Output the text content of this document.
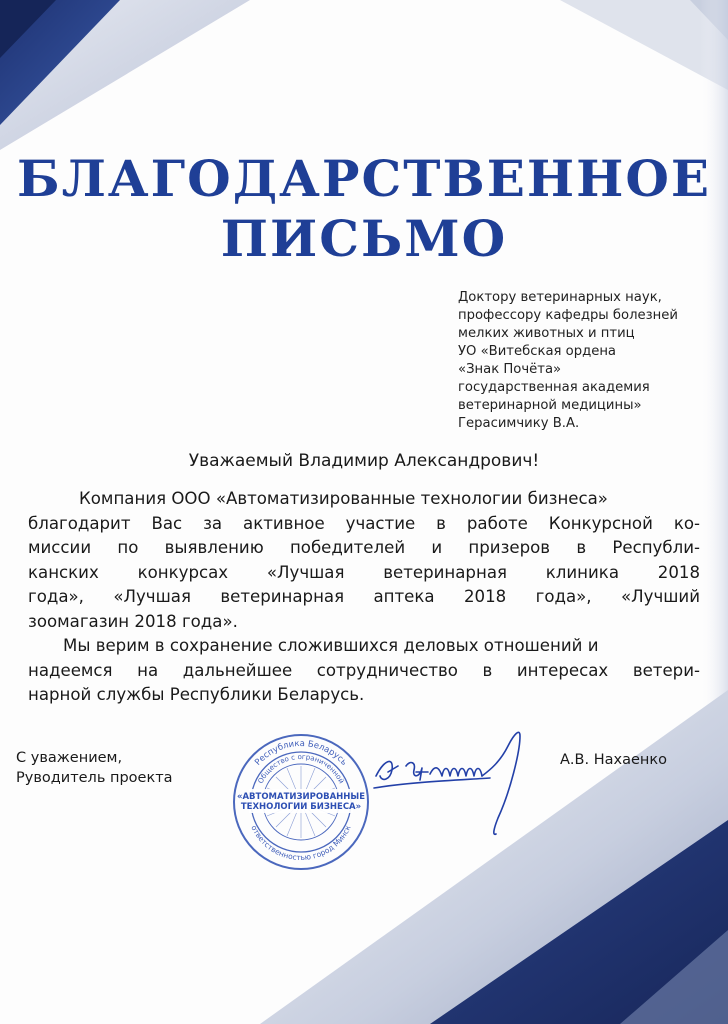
БЛАГОДАРСТВЕННОЕ
ПИСЬМО
Доктору ветеринарных наук,
профессору кафедры болезней
мелких животных и птиц
УО «Витебская ордена
«Знак Почёта»
государственная академия
ветеринарной медицины»
Герасимчику В.А.
Уважаемый Владимир Александрович!
Компания ООО «Автоматизированные технологии бизнеса»
благодарит Вас за активное участие в работе Конкурсной ко-
миссии по выявлению победителей и призеров в Республи-
канских конкурсах «Лучшая ветеринарная клиника 2018
года», «Лучшая ветеринарная аптека 2018 года», «Лучший
зоомагазин 2018 года».
Мы верим в сохранение сложившихся деловых отношений и
надеемся на дальнейшее сотрудничество в интересах ветери-
нарной службы Республики Беларусь.
С уважением,
Руводитель проекта
Республика Беларусь
ответственностью город Минск
Общество с ограниченной
«АВТОМАТИЗИРОВАННЫЕ
ТЕХНОЛОГИИ БИЗНЕСА»
А.В. Нахаенко
